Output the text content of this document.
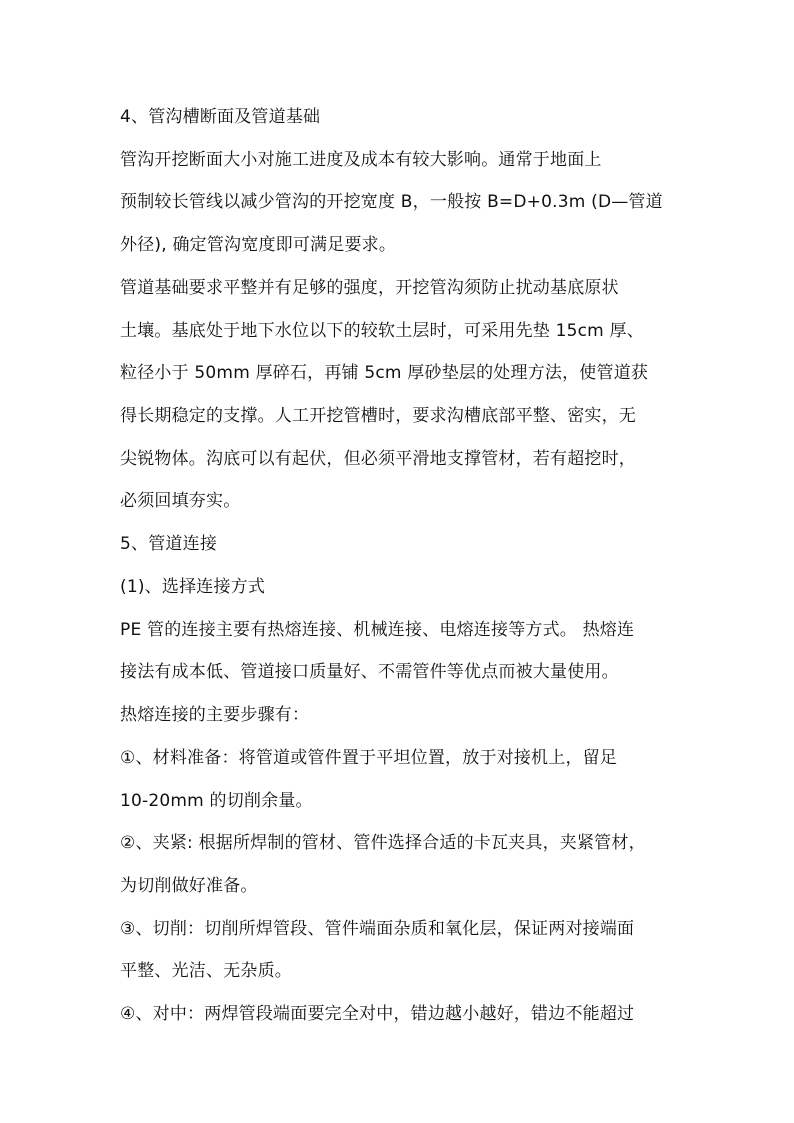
4、管沟槽断面及管道基础
管沟开挖断面大小对施工进度及成本有较大影响。通常于地面上
预制较长管线以减少管沟的开挖宽度 B，一般按 B=D+0.3m (D—管道
外径), 确定管沟宽度即可满足要求。
管道基础要求平整并有足够的强度，开挖管沟须防止扰动基底原状
土壤。基底处于地下水位以下的较软土层时，可采用先垫 15cm 厚、
粒径小于 50mm 厚碎石，再铺 5cm 厚砂垫层的处理方法，使管道获
得长期稳定的支撑。人工开挖管槽时，要求沟槽底部平整、密实，无
尖锐物体。沟底可以有起伏，但必须平滑地支撑管材，若有超挖时，
必须回填夯实。
5、管道连接
(1)、选择连接方式
PE 管的连接主要有热熔连接、机械连接、电熔连接等方式。 热熔连
接法有成本低、管道接口质量好、不需管件等优点而被大量使用。
热熔连接的主要步骤有：
①、材料准备：将管道或管件置于平坦位置，放于对接机上，留足
10-20mm 的切削余量。
②、夹紧: 根据所焊制的管材、管件选择合适的卡瓦夹具，夹紧管材，
为切削做好准备。
③、切削：切削所焊管段、管件端面杂质和氧化层，保证两对接端面
平整、光洁、无杂质。
④、对中：两焊管段端面要完全对中，错边越小越好，错边不能超过
